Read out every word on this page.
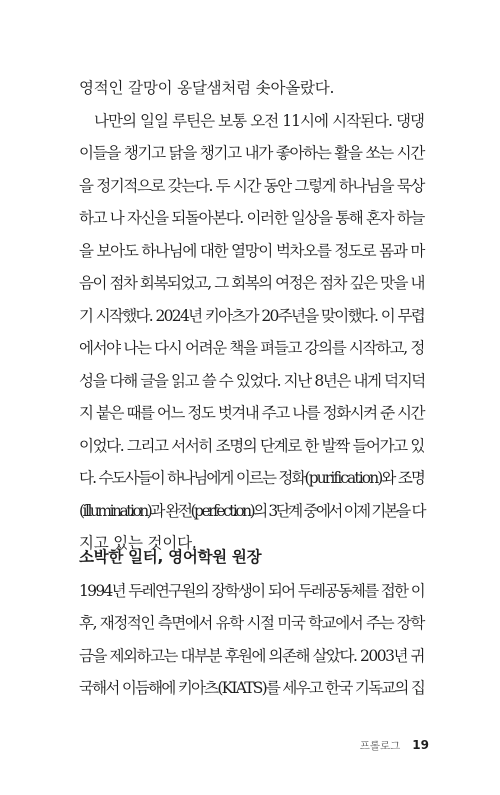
영적인 갈망이 옹달샘처럼 솟아올랐다.
나만의 일일 루틴은 보통 오전 11시에 시작된다. 댕댕
이들을 챙기고 닭을 챙기고 내가 좋아하는 활을 쏘는 시간
을 정기적으로 갖는다. 두 시간 동안 그렇게 하나님을 묵상
하고 나 자신을 되돌아본다. 이러한 일상을 통해 혼자 하늘
을 보아도 하나님에 대한 열망이 벅차오를 정도로 몸과 마
음이 점차 회복되었고, 그 회복의 여정은 점차 깊은 맛을 내
기 시작했다. 2024년 키아츠가 20주년을 맞이했다. 이 무렵
에서야 나는 다시 어려운 책을 펴들고 강의를 시작하고, 정
성을 다해 글을 읽고 쓸 수 있었다. 지난 8년은 내게 덕지덕
지 붙은 때를 어느 정도 벗겨내 주고 나를 정화시켜 준 시간
이었다. 그리고 서서히 조명의 단계로 한 발짝 들어가고 있
다. 수도사들이 하나님에게 이르는 정화(purification)와 조명
(illumination)과 완전(perfection)의 3단계 중에서 이제 기본을 다
지고 있는 것이다.
소박한 일터, 영어학원 원장
1994년 두레연구원의 장학생이 되어 두레공동체를 접한 이
후, 재정적인 측면에서 유학 시절 미국 학교에서 주는 장학
금을 제외하고는 대부분 후원에 의존해 살았다. 2003년 귀
국해서 이듬해에 키아츠(KIATS)를 세우고 한국 기독교의 집
프롤로그 19
